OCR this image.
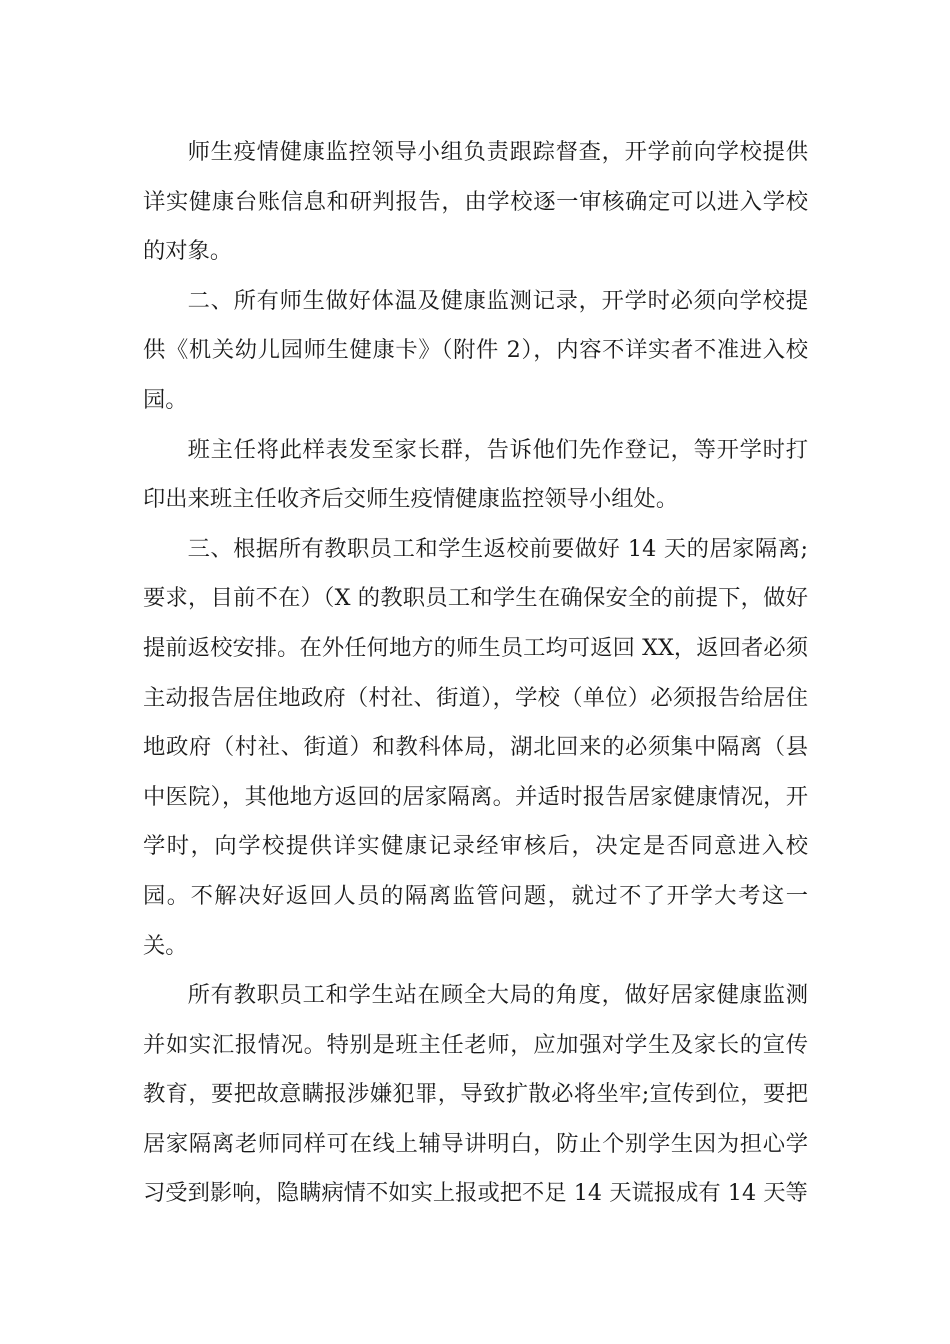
师生疫情健康监控领导小组负责跟踪督查，开学前向学校提供详实健康台账信息和研判报告，由学校逐一审核确定可以进入学校的对象。

二、所有师生做好体温及健康监测记录，开学时必须向学校提供《机关幼儿园师生健康卡》（附件 2），内容不详实者不准进入校园。

班主任将此样表发至家长群，告诉他们先作登记，等开学时打印出来班主任收齐后交师生疫情健康监控领导小组处。

三、根据所有教职员工和学生返校前要做好 14 天的居家隔离;要求，目前不在）（X 的教职员工和学生在确保安全的前提下，做好提前返校安排。在外任何地方的师生员工均可返回 XX，返回者必须主动报告居住地政府（村社、街道），学校（单位）必须报告给居住地政府（村社、街道）和教科体局，湖北回来的必须集中隔离（县中医院），其他地方返回的居家隔离。并适时报告居家健康情况，开学时，向学校提供详实健康记录经审核后，决定是否同意进入校园。不解决好返回人员的隔离监管问题，就过不了开学大考这一关。

所有教职员工和学生站在顾全大局的角度，做好居家健康监测并如实汇报情况。特别是班主任老师，应加强对学生及家长的宣传教育，要把故意瞒报涉嫌犯罪，导致扩散必将坐牢;宣传到位，要把居家隔离老师同样可在线上辅导讲明白，防止个别学生因为担心学习受到影响，隐瞒病情不如实上报或把不足 14 天谎报成有 14 天等
